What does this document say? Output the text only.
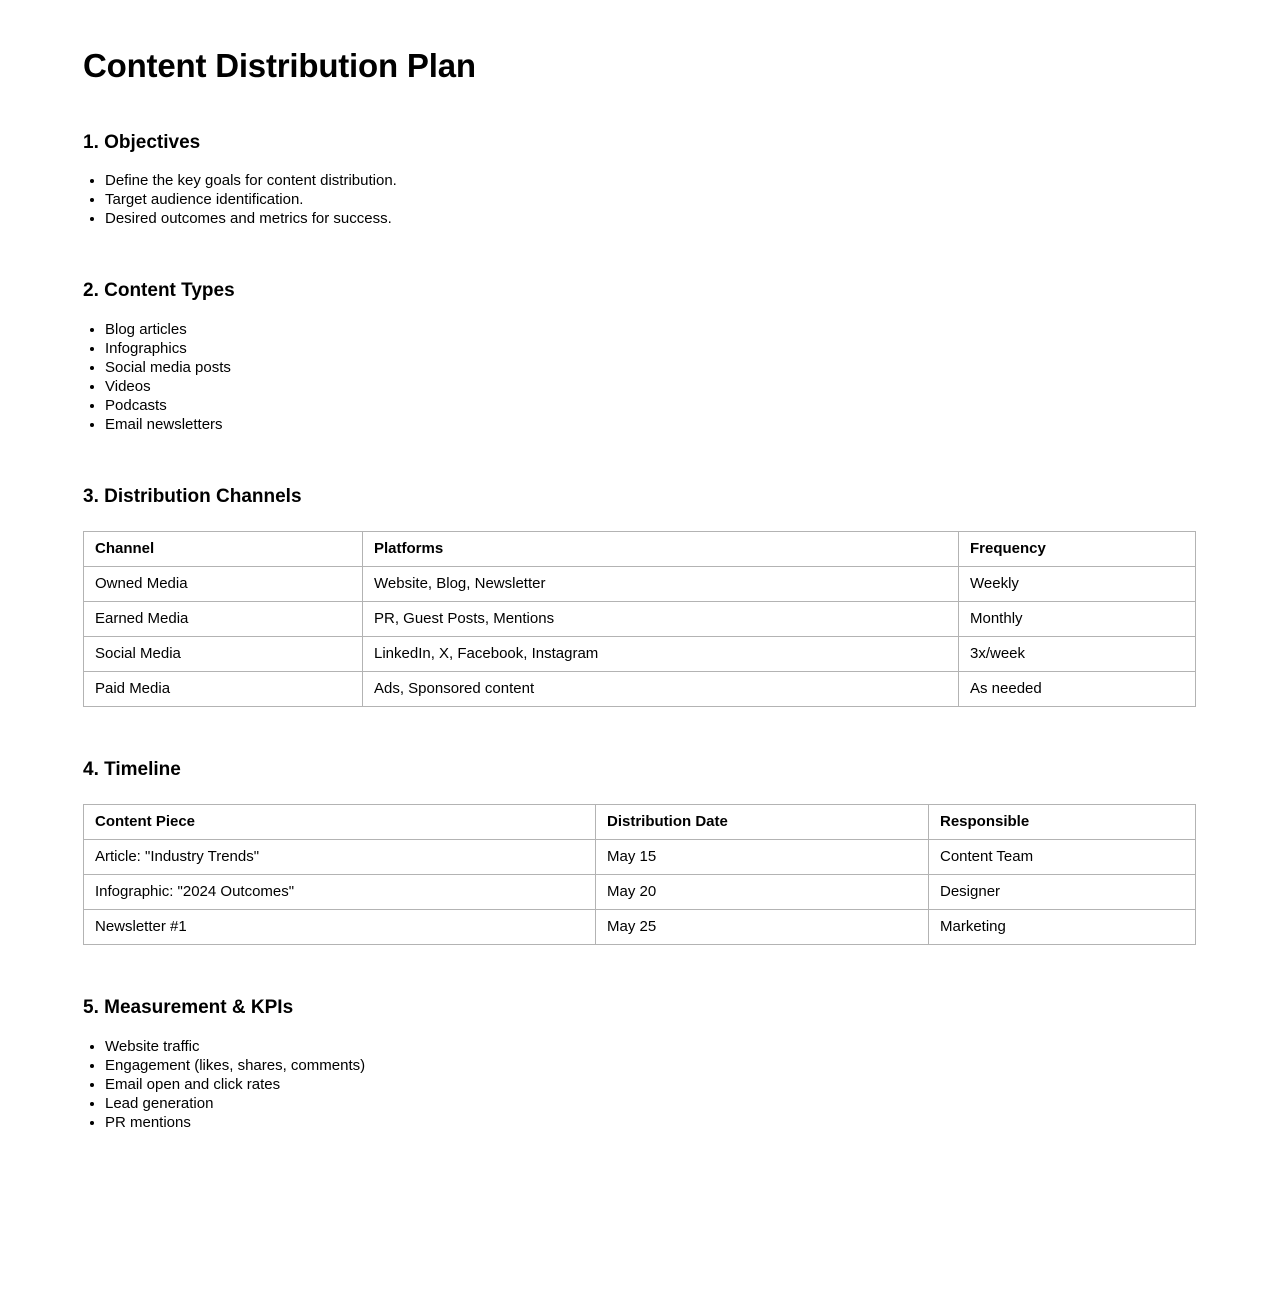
Content Distribution Plan
1. Objectives
• Define the key goals for content distribution.
• Target audience identification.
• Desired outcomes and metrics for success.
2. Content Types
• Blog articles
• Infographics
• Social media posts
• Videos
• Podcasts
• Email newsletters
3. Distribution Channels
Channel	Platforms	Frequency
Owned Media	Website, Blog, Newsletter	Weekly
Earned Media	PR, Guest Posts, Mentions	Monthly
Social Media	LinkedIn, X, Facebook, Instagram	3x/week
Paid Media	Ads, Sponsored content	As needed
4. Timeline
Content Piece	Distribution Date	Responsible
Article: "Industry Trends"	May 15	Content Team
Infographic: "2024 Outcomes"	May 20	Designer
Newsletter #1	May 25	Marketing
5. Measurement & KPIs
• Website traffic
• Engagement (likes, shares, comments)
• Email open and click rates
• Lead generation
• PR mentions
